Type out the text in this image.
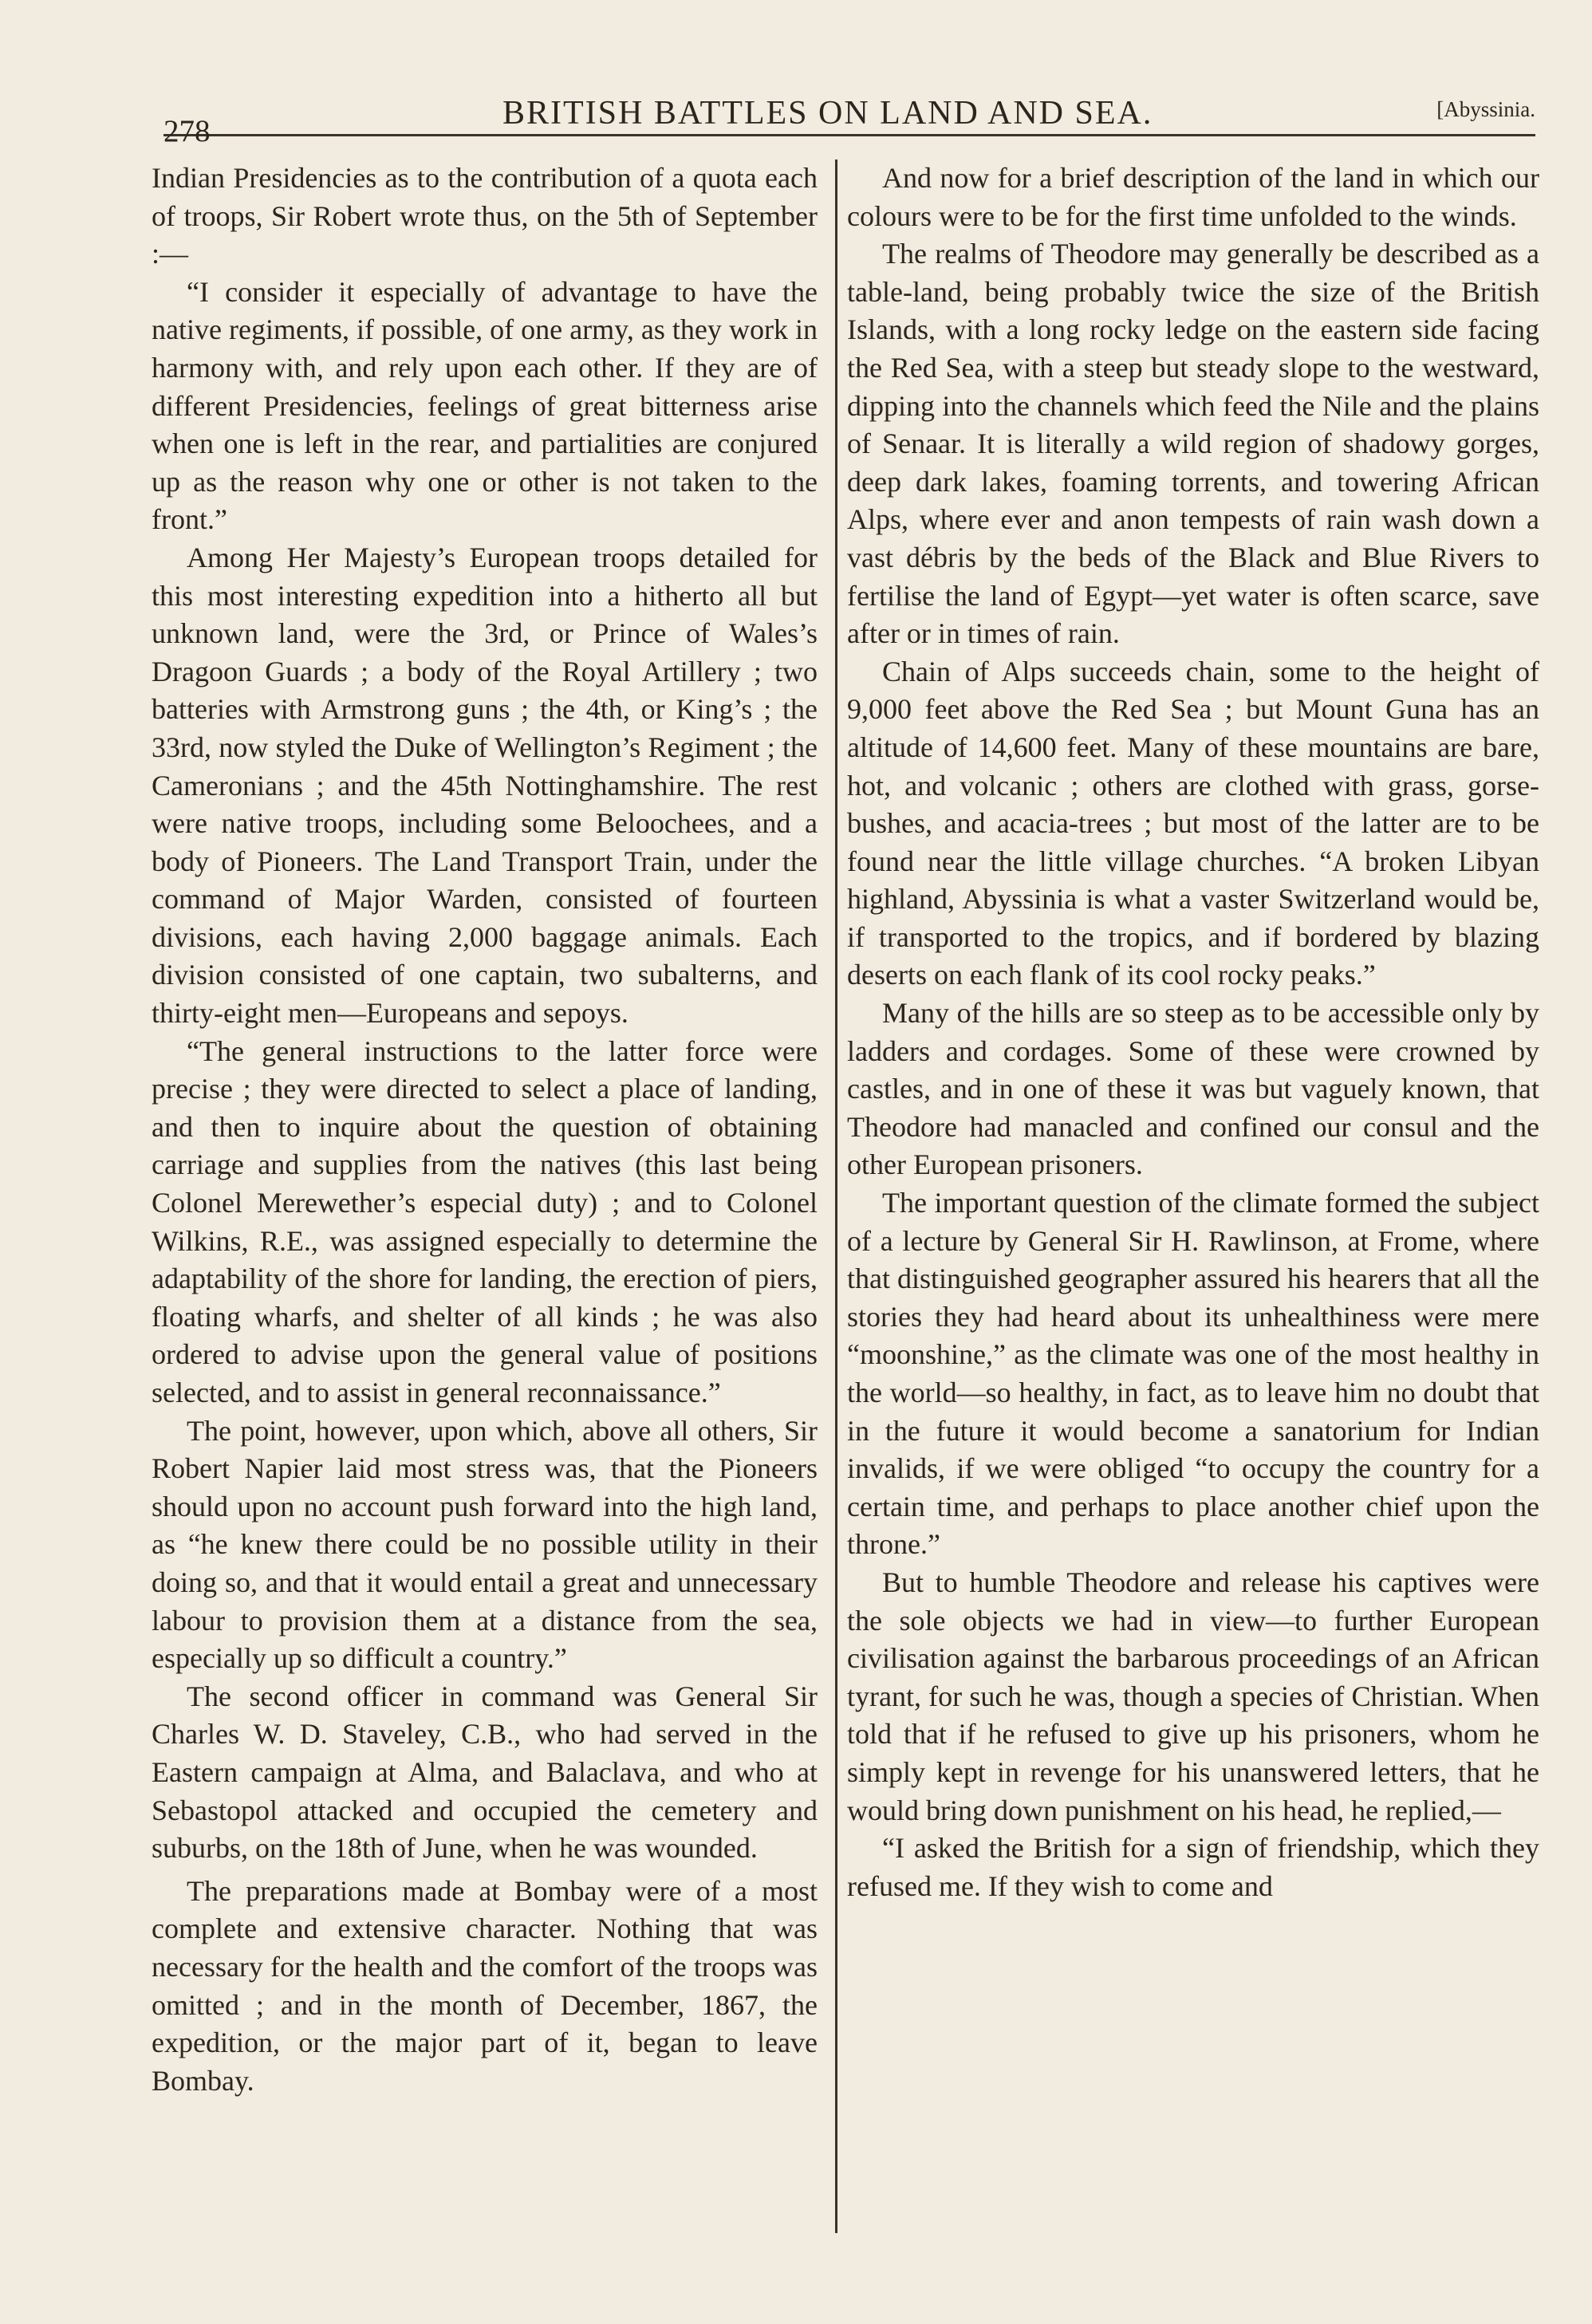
278	BRITISH BATTLES ON LAND AND SEA.	[Abyssinia.

Indian Presidencies as to the contribution of a quota each of troops, Sir Robert wrote thus, on the 5th of September :—

“I consider it especially of advantage to have the native regiments, if possible, of one army, as they work in harmony with, and rely upon each other. If they are of different Presidencies, feelings of great bitterness arise when one is left in the rear, and partialities are conjured up as the reason why one or other is not taken to the front.”

Among Her Majesty’s European troops detailed for this most interesting expedition into a hitherto all but unknown land, were the 3rd, or Prince of Wales’s Dragoon Guards ; a body of the Royal Artillery ; two batteries with Armstrong guns ; the 4th, or King’s ; the 33rd, now styled the Duke of Wellington’s Regiment ; the Cameronians ; and the 45th Nottinghamshire. The rest were native troops, including some Beloochees, and a body of Pioneers. The Land Transport Train, under the command of Major Warden, consisted of fourteen divisions, each having 2,000 baggage animals. Each division consisted of one captain, two subalterns, and thirty-eight men—Europeans and sepoys.

“The general instructions to the latter force were precise ; they were directed to select a place of landing, and then to inquire about the question of obtaining carriage and supplies from the natives (this last being Colonel Merewether’s especial duty) ; and to Colonel Wilkins, R.E., was assigned especially to determine the adaptability of the shore for landing, the erection of piers, floating wharfs, and shelter of all kinds ; he was also ordered to advise upon the general value of positions selected, and to assist in general reconnaissance.”

The point, however, upon which, above all others, Sir Robert Napier laid most stress was, that the Pioneers should upon no account push forward into the high land, as “he knew there could be no possible utility in their doing so, and that it would entail a great and unnecessary labour to provision them at a distance from the sea, especially up so difficult a country.”

The second officer in command was General Sir Charles W. D. Staveley, C.B., who had served in the Eastern campaign at Alma, and Balaclava, and who at Sebastopol attacked and occupied the cemetery and suburbs, on the 18th of June, when he was wounded.

The preparations made at Bombay were of a most complete and extensive character. Nothing that was necessary for the health and the comfort of the troops was omitted ; and in the month of December, 1867, the expedition, or the major part of it, began to leave Bombay.

And now for a brief description of the land in which our colours were to be for the first time unfolded to the winds.

The realms of Theodore may generally be described as a table-land, being probably twice the size of the British Islands, with a long rocky ledge on the eastern side facing the Red Sea, with a steep but steady slope to the westward, dipping into the channels which feed the Nile and the plains of Senaar. It is literally a wild region of shadowy gorges, deep dark lakes, foaming torrents, and towering African Alps, where ever and anon tempests of rain wash down a vast débris by the beds of the Black and Blue Rivers to fertilise the land of Egypt—yet water is often scarce, save after or in times of rain.

Chain of Alps succeeds chain, some to the height of 9,000 feet above the Red Sea ; but Mount Guna has an altitude of 14,600 feet. Many of these mountains are bare, hot, and volcanic ; others are clothed with grass, gorse-bushes, and acacia-trees ; but most of the latter are to be found near the little village churches. “A broken Libyan highland, Abyssinia is what a vaster Switzerland would be, if transported to the tropics, and if bordered by blazing deserts on each flank of its cool rocky peaks.”

Many of the hills are so steep as to be accessible only by ladders and cordages. Some of these were crowned by castles, and in one of these it was but vaguely known, that Theodore had manacled and confined our consul and the other European prisoners.

The important question of the climate formed the subject of a lecture by General Sir H. Rawlinson, at Frome, where that distinguished geographer assured his hearers that all the stories they had heard about its unhealthiness were mere “moonshine,” as the climate was one of the most healthy in the world—so healthy, in fact, as to leave him no doubt that in the future it would become a sanatorium for Indian invalids, if we were obliged “to occupy the country for a certain time, and perhaps to place another chief upon the throne.”

But to humble Theodore and release his captives were the sole objects we had in view—to further European civilisation against the barbarous proceedings of an African tyrant, for such he was, though a species of Christian. When told that if he refused to give up his prisoners, whom he simply kept in revenge for his unanswered letters, that he would bring down punishment on his head, he replied,—

“I asked the British for a sign of friendship, which they refused me. If they wish to come and
